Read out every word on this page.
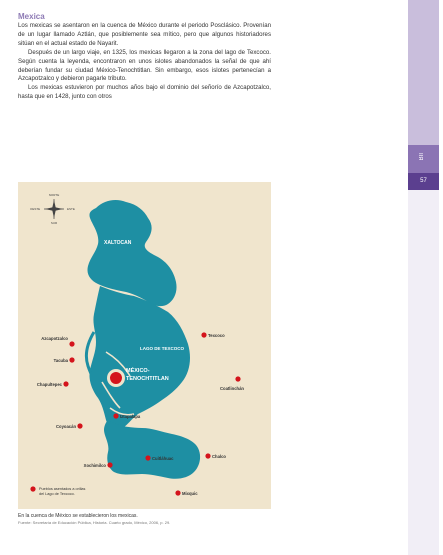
Mexica

Los mexicas se asentaron en la cuenca de México durante el periodo Posclásico. Provenían de un lugar llamado Aztlán, que posiblemente sea mítico, pero que algunos historiadores sitúan en el actual estado de Nayarit.

Después de un largo viaje, en 1325, los mexicas llegaron a la zona del lago de Texcoco. Según cuenta la leyenda, encontraron en unos islotes abandonados la señal de que ahí deberían fundar su ciudad México-Tenochtitlan. Sin embargo, esos islotes pertenecían a Azcapotzalco y debieron pagarle tributo.

Los mexicas estuvieron por muchos años bajo el dominio del señorío de Azcapotzalco, hasta que en 1428, junto con otros

BII
57
NORTE
SUR
ESTE
OESTE
XALTOCAN
LAGO DE TEXCOCO
MÉXICO-
TENOCHTITLAN
Azcapotzalco
Tacuba
Chapultepec
Coyoacán
Iztapalapa
Xochimilco
Cuitláhuac	Chalco
Mixquic
Texcoco
Coatlinchán
Pueblos asentados a orillas
del Lago de Texcoco.
En la cuenca de México se establecieron los mexicas.
Fuente: Secretaría de Educación Pública, Historia. Cuarto grado, México, 2006, p. 29.
